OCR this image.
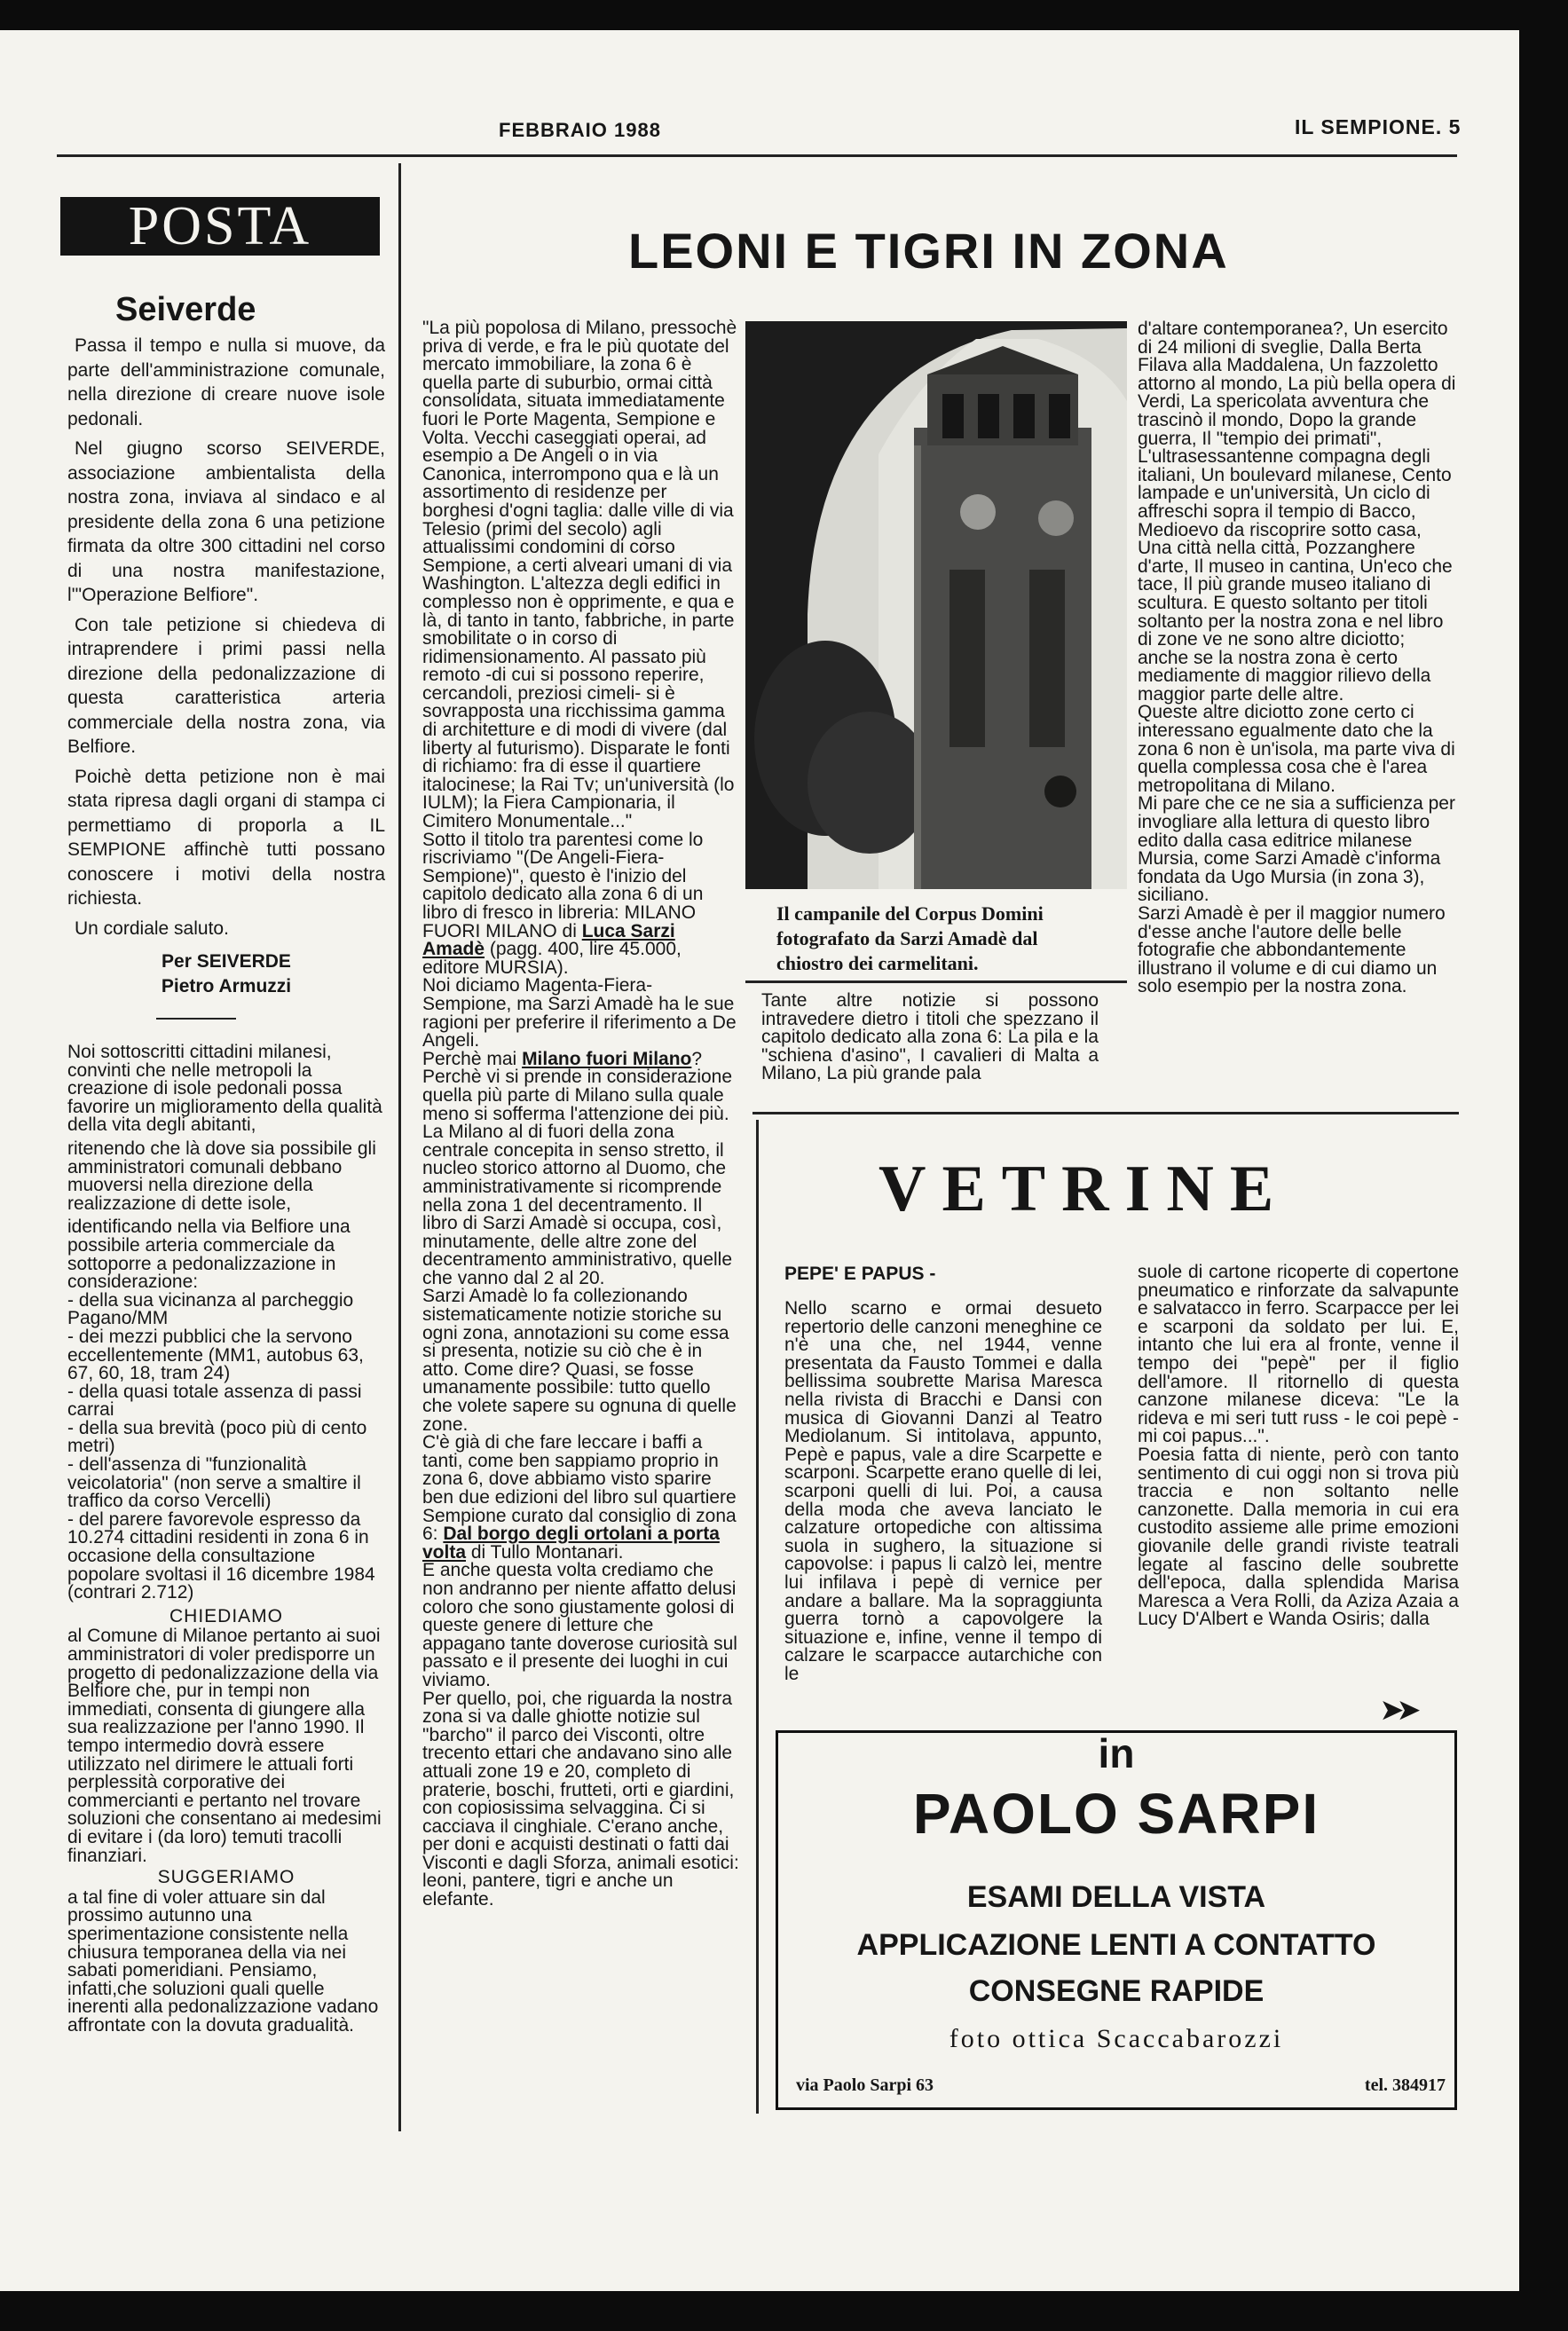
FEBBRAIO 1988	IL SEMPIONE. 5
POSTA
Seiverde

Passa il tempo e nulla si muove, da parte dell'amministrazione comunale, nella direzione di creare nuove isole pedonali.

Nel giugno scorso SEIVERDE, associazione ambientalista della nostra zona, inviava al sindaco e al presidente della zona 6 una petizione firmata da oltre 300 cittadini nel corso di una nostra manifestazione, l'"Operazione Belfiore".

Con tale petizione si chiedeva di intraprendere i primi passi nella direzione della pedonalizzazione di questa caratteristica arteria commerciale della nostra zona, via Belfiore.

Poichè detta petizione non è mai stata ripresa dagli organi di stampa ci permettiamo di proporla a IL SEMPIONE affinchè tutti possano conoscere i motivi della nostra richiesta.

Un cordiale saluto.

Per SEIVERDE
Pietro Armuzzi

Noi sottoscritti cittadini milanesi, convinti che nelle metropoli la creazione di isole pedonali possa favorire un miglioramento della qualità della vita degli abitanti,

ritenendo che là dove sia possibile gli amministratori comunali debbano muoversi nella direzione della realizzazione di dette isole,

identificando nella via Belfiore una possibile arteria commerciale da sottoporre a pedonalizzazione in considerazione:

- della sua vicinanza al parcheggio Pagano/MM

- dei mezzi pubblici che la servono eccellentemente (MM1, autobus 63, 67, 60, 18, tram 24)

- della quasi totale assenza di passi carrai

- della sua brevità (poco più di cento metri)

- dell'assenza di "funzionalità veicolatoria" (non serve a smaltire il traffico da corso Vercelli)

- del parere favorevole espresso da 10.274 cittadini residenti in zona 6 in occasione della consultazione popolare svoltasi il 16 dicembre 1984 (contrari 2.712)

CHIEDIAMO

al Comune di Milanoe pertanto ai suoi amministratori di voler predisporre un progetto di pedonalizzazione della via Belfiore che, pur in tempi non immediati, consenta di giungere alla sua realizzazione per l'anno 1990. Il tempo intermedio dovrà essere utilizzato nel dirimere le attuali forti perplessità corporative dei commercianti e pertanto nel trovare soluzioni che consentano ai medesimi di evitare i (da loro) temuti tracolli finanziari.

SUGGERIAMO

a tal fine di voler attuare sin dal prossimo autunno una sperimentazione consistente nella chiusura temporanea della via nei sabati pomeridiani. Pensiamo, infatti,che soluzioni quali quelle inerenti alla pedonalizzazione vadano affrontate con la dovuta gradualità.

LEONI E TIGRI IN ZONA

"La più popolosa di Milano, pressochè priva di verde, e fra le più quotate del mercato immobiliare, la zona 6 è quella parte di suburbio, ormai città consolidata, situata immediatamente fuori le Porte Magenta, Sempione e Volta. Vecchi caseggiati operai, ad esempio a De Angeli o in via Canonica, interrompono qua e là un assortimento di residenze per borghesi d'ogni taglia: dalle ville di via Telesio (primi del secolo) agli attualissimi condomini di corso Sempione, a certi alveari umani di via Washington. L'altezza degli edifici in complesso non è opprimente, e qua e là, di tanto in tanto, fabbriche, in parte smobilitate o in corso di ridimensionamento. Al passato più remoto -di cui si possono reperire, cercandoli, preziosi cimeli- si è sovrapposta una ricchissima gamma di architetture e di modi di vivere (dal liberty al futurismo). Disparate le fonti di richiamo: fra di esse il quartiere italocinese; la Rai Tv; un'università (lo IULM); la Fiera Campionaria, il Cimitero Monumentale..."

Sotto il titolo tra parentesi come lo riscriviamo "(De Angeli-Fiera-Sempione)", questo è l'inizio del capitolo dedicato alla zona 6 di un libro di fresco in libreria: MILANO FUORI MILANO di Luca Sarzi Amadè (pagg. 400, lire 45.000, editore MURSIA).

Noi diciamo Magenta-Fiera-Sempione, ma Sarzi Amadè ha le sue ragioni per preferire il riferimento a De Angeli.

Perchè mai Milano fuori Milano? Perchè vi si prende in considerazione quella più parte di Milano sulla quale meno si sofferma l'attenzione dei più. La Milano al di fuori della zona centrale concepita in senso stretto, il nucleo storico attorno al Duomo, che amministrativamente si ricomprende nella zona 1 del decentramento. Il libro di Sarzi Amadè si occupa, così, minutamente, delle altre zone del decentramento amministrativo, quelle che vanno dal 2 al 20.

Sarzi Amadè lo fa collezionando sistematicamente notizie storiche su ogni zona, annotazioni su come essa si presenta, notizie su ciò che è in atto. Come dire? Quasi, se fosse umanamente possibile: tutto quello che volete sapere su ognuna di quelle zone.

C'è già di che fare leccare i baffi a tanti, come ben sappiamo proprio in zona 6, dove abbiamo visto sparire ben due edizioni del libro sul quartiere Sempione curato dal consiglio di zona 6: Dal borgo degli ortolani a porta volta di Tullo Montanari.

E anche questa volta crediamo che non andranno per niente affatto delusi coloro che sono giustamente golosi di queste genere di letture che appagano tante doverose curiosità sul passato e il presente dei luoghi in cui viviamo.

Per quello, poi, che riguarda la nostra zona si va dalle ghiotte notizie sul "barcho" il parco dei Visconti, oltre trecento ettari che andavano sino alle attuali zone 19 e 20, completo di praterie, boschi, frutteti, orti e giardini, con copiosissima selvaggina. Ci si cacciava il cinghiale. C'erano anche, per doni e acquisti destinati o fatti dai Visconti e dagli Sforza, animali esotici: leoni, pantere, tigri e anche un elefante.

Il campanile del Corpus Domini fotografato da Sarzi Amadè dal chiostro dei carmelitani.
Tante altre notizie si possono intravedere dietro i titoli che spezzano il capitolo dedicato alla zona 6: La pila e la "schiena d'asino", I cavalieri di Malta a Milano, La più grande pala

d'altare contemporanea?, Un esercito di 24 milioni di sveglie, Dalla Berta Filava alla Maddalena, Un fazzoletto attorno al mondo, La più bella opera di Verdi, La spericolata avventura che trascinò il mondo, Dopo la grande guerra, Il "tempio dei primati", L'ultrasessantenne compagna degli italiani, Un boulevard milanese, Cento lampade e un'università, Un ciclo di affreschi sopra il tempio di Bacco, Medioevo da riscoprire sotto casa, Una città nella città, Pozzanghere d'arte, Il museo in cantina, Un'eco che tace, Il più grande museo italiano di scultura. E questo soltanto per titoli soltanto per la nostra zona e nel libro di zone ve ne sono altre diciotto; anche se la nostra zona è certo mediamente di maggior rilievo della maggior parte delle altre.

Queste altre diciotto zone certo ci interessano egualmente dato che la zona 6 non è un'isola, ma parte viva di quella complessa cosa che è l'area metropolitana di Milano.

Mi pare che ce ne sia a sufficienza per invogliare alla lettura di questo libro edito dalla casa editrice milanese Mursia, come Sarzi Amadè c'informa fondata da Ugo Mursia (in zona 3), siciliano.

Sarzi Amadè è per il maggior numero d'esse anche l'autore delle belle fotografie che abbondantemente illustrano il volume e di cui diamo un solo esempio per la nostra zona.

VETRINE
PEPE' E PAPUS -
Nello scarno e ormai desueto repertorio delle canzoni meneghine ce n'è una che, nel 1944, venne presentata da Fausto Tommei e dalla bellissima soubrette Marisa Maresca nella rivista di Bracchi e Dansi con musica di Giovanni Danzi al Teatro Mediolanum. Si intitolava, appunto, Pepè e papus, vale a dire Scarpette e scarponi. Scarpette erano quelle di lei, scarponi quelli di lui. Poi, a causa della moda che aveva lanciato le calzature ortopediche con altissima suola in sughero, la situazione si capovolse: i papus li calzò lei, mentre lui infilava i pepè di vernice per andare a ballare. Ma la sopraggiunta guerra tornò a capovolgere la situazione e, infine, venne il tempo di calzare le scarpacce autarchiche con le

suole di cartone ricoperte di copertone pneumatico e rinforzate da salvapunte e salvatacco in ferro. Scarpacce per lei e scarponi da soldato per lui. E, intanto che lui era al fronte, venne il tempo dei "pepè" per il figlio dell'amore. Il ritornello di questa canzone milanese diceva: "Le la rideva e mi seri tutt russ - le coi pepè - mi coi papus...".

Poesia fatta di niente, però con tanto sentimento di cui oggi non si trova più traccia e non soltanto nelle canzonette. Dalla memoria in cui era custodito assieme alle prime emozioni giovanile delle grandi riviste teatrali legate al fascino delle soubrette dell'epoca, dalla splendida Marisa Maresca a Vera Rolli, da Aziza Azaia a Lucy D'Albert e Wanda Osiris; dalla

➤➤
in
PAOLO SARPI
ESAMI DELLA VISTA
APPLICAZIONE LENTI A CONTATTO
CONSEGNE RAPIDE
foto ottica Scaccabarozzi
via Paolo Sarpi 63	tel. 384917
